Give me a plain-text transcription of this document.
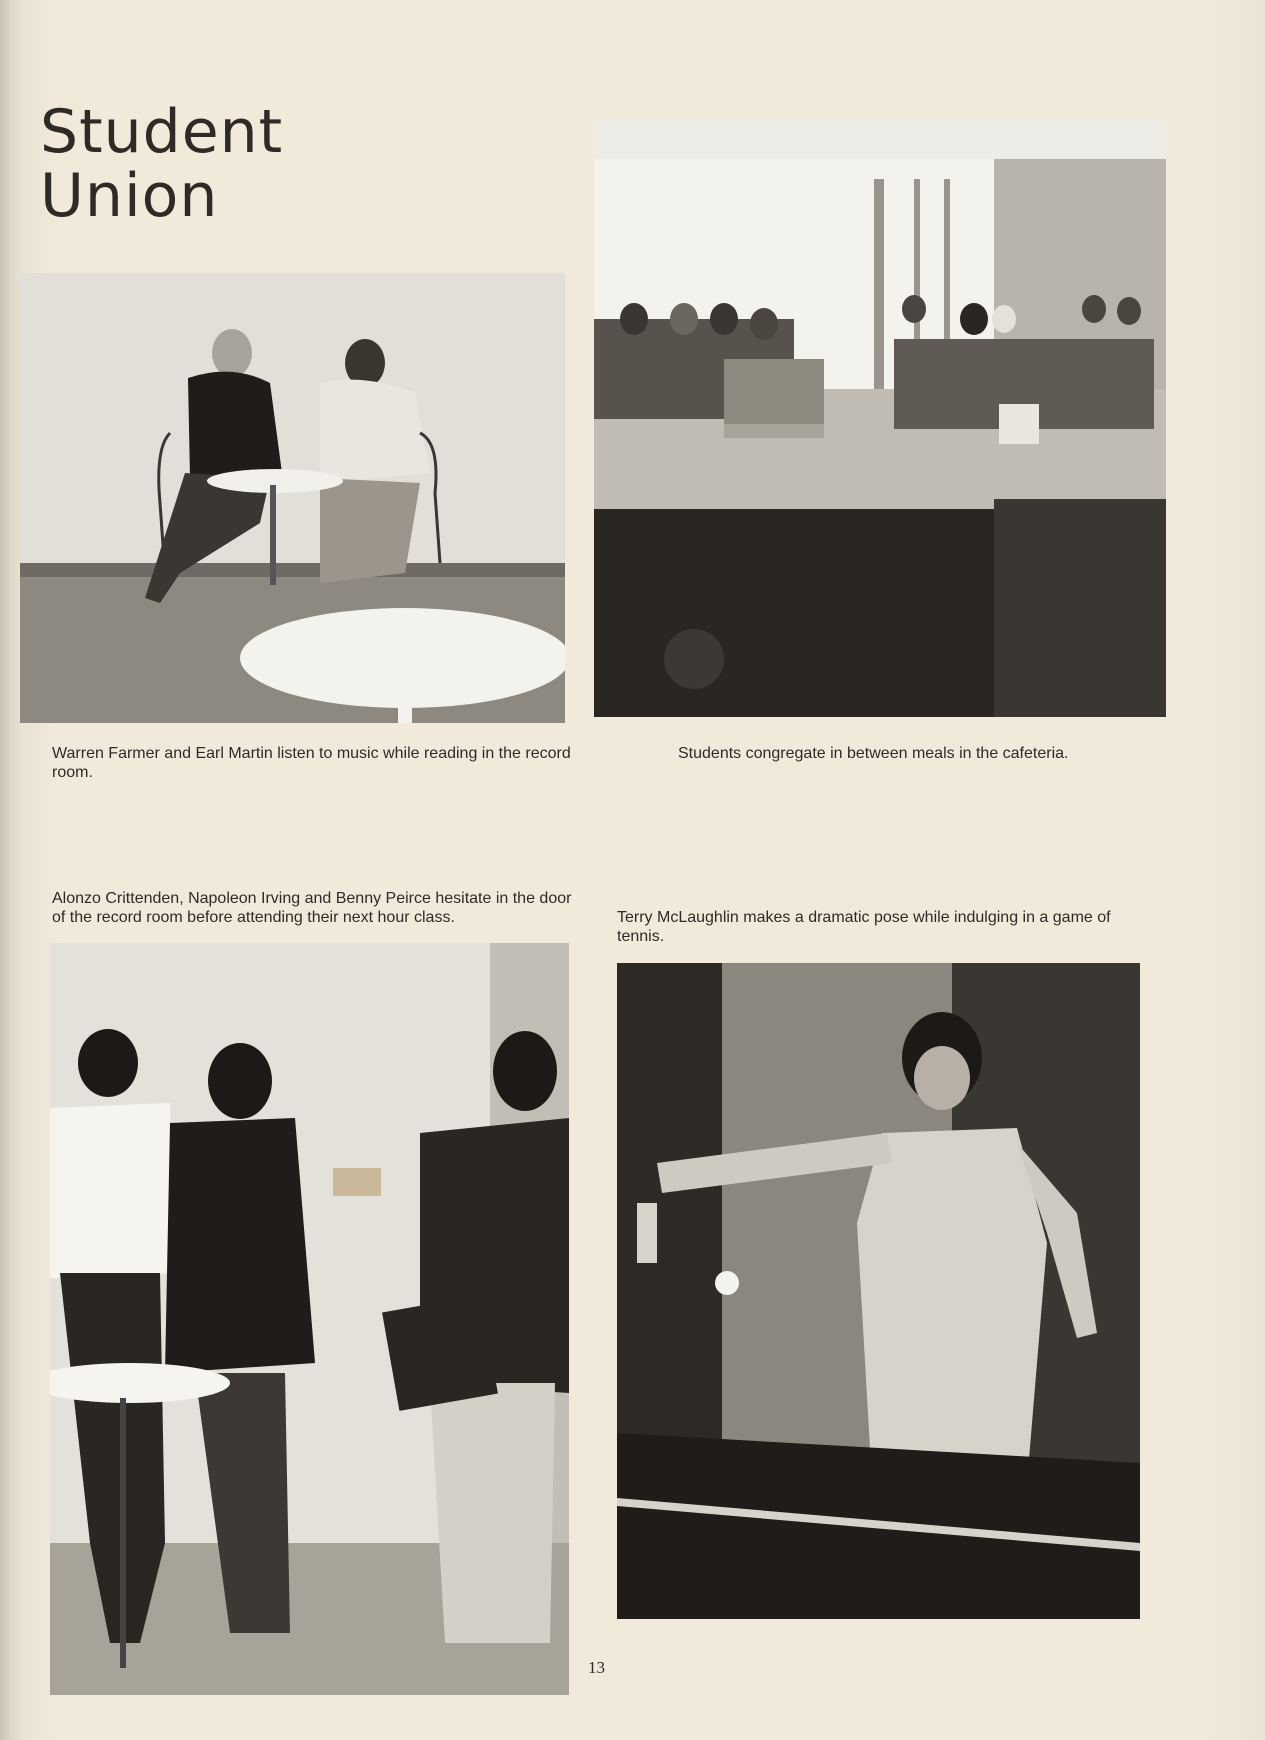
Student
Union
Warren Farmer and Earl Martin listen to music while reading in the record room.
Students congregate in between meals in the cafeteria.
Alonzo Crittenden, Napoleon Irving and Benny Peirce hesitate in the door of the record room before attending their next hour class.	Terry McLaughlin makes a dramatic pose while indulging in a game of tennis.
13
